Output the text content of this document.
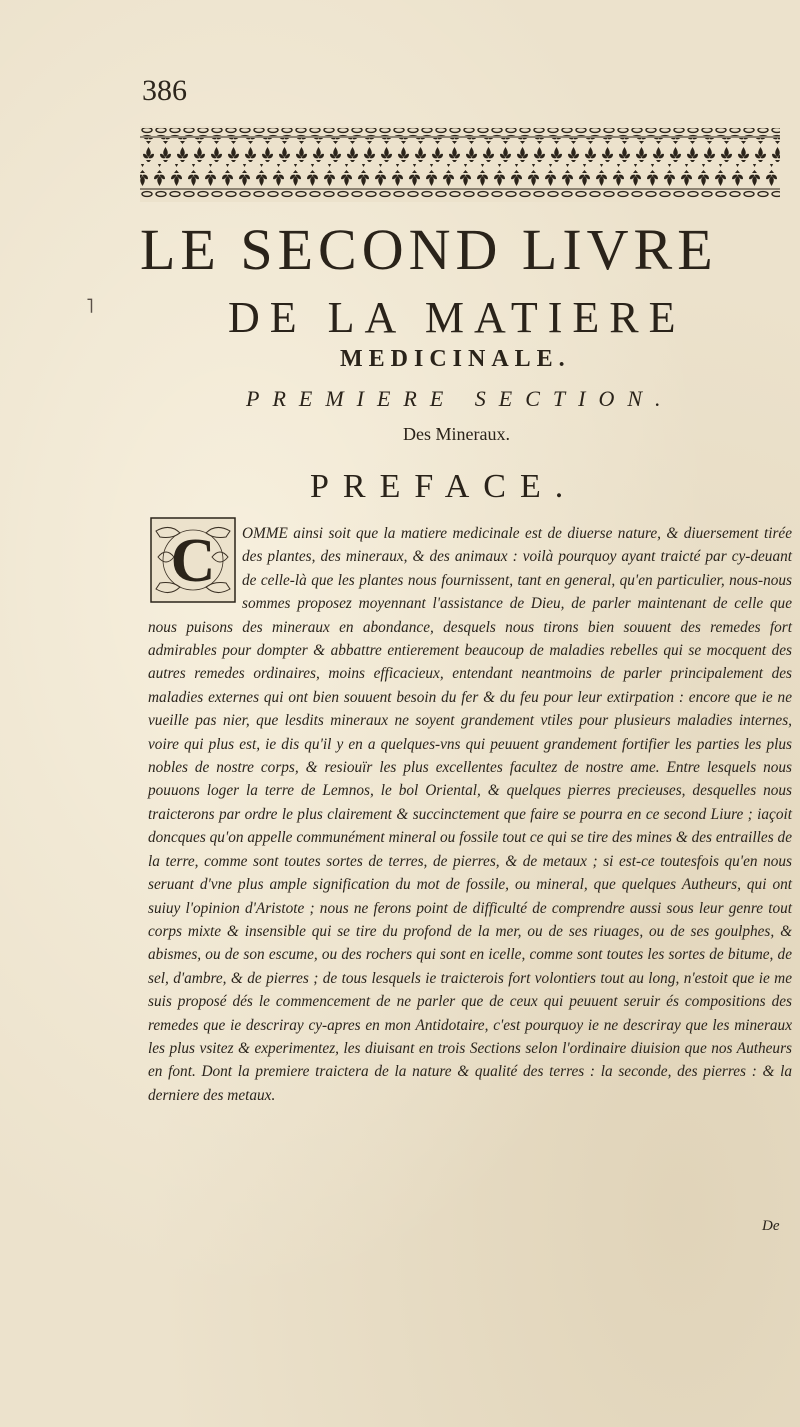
386
˥
LE SECOND LIVRE
DE LA MATIERE
MEDICINALE.
PREMIERE SECTION.
Des Mineraux.
PREFACE.
C	OMME ainsi soit que la matiere medicinale est de diuerse nature, & diuersement tirée des plantes, des mineraux, & des animaux : voilà pourquoy ayant traicté par cy-deuant de celle-là que les plantes nous fournissent, tant en general, qu'en particulier, nous-nous sommes proposez moyennant l'assistance de Dieu, de parler maintenant de celle que nous puisons des mineraux en abondance, desquels nous tirons bien souuent des remedes fort admirables pour dompter & abbattre entierement beaucoup de maladies rebelles qui se mocquent des autres remedes ordinaires, moins efficacieux, entendant neantmoins de parler principalement des maladies externes qui ont bien souuent besoin du fer & du feu pour leur extirpation : encore que ie ne vueille pas nier, que lesdits mineraux ne soyent grandement vtiles pour plusieurs maladies internes, voire qui plus est, ie dis qu'il y en a quelques-vns qui peuuent grandement fortifier les parties les plus nobles de nostre corps, & resiouïr les plus excellentes facultez de nostre ame. Entre lesquels nous pouuons loger la terre de Lemnos, le bol Oriental, & quelques pierres precieuses, desquelles nous traicterons par ordre le plus clairement & succinctement que faire se pourra en ce second Liure ; iaçoit doncques qu'on appelle communément mineral ou fossile tout ce qui se tire des mines & des entrailles de la terre, comme sont toutes sortes de terres, de pierres, & de metaux ; si est-ce toutesfois qu'en nous seruant d'vne plus ample signification du mot de fossile, ou mineral, que quelques Autheurs, qui ont suiuy l'opinion d'Aristote ; nous ne ferons point de difficulté de comprendre aussi sous leur genre tout corps mixte & insensible qui se tire du profond de la mer, ou de ses riuages, ou de ses goulphes, & abismes, ou de son escume, ou des rochers qui sont en icelle, comme sont toutes les sortes de bitume, de sel, d'ambre, & de pierres ; de tous lesquels ie traicterois fort volontiers tout au long, n'estoit que ie me suis proposé dés le commencement de ne parler que de ceux qui peuuent seruir és compositions des remedes que ie descriray cy-apres en mon Antidotaire, c'est pourquoy ie ne descriray que les mineraux les plus vsitez & experimentez, les diuisant en trois Sections selon l'ordinaire diuision que nos Autheurs en font. Dont la premiere traictera de la nature & qualité des terres : la seconde, des pierres : & la derniere des metaux.

De
